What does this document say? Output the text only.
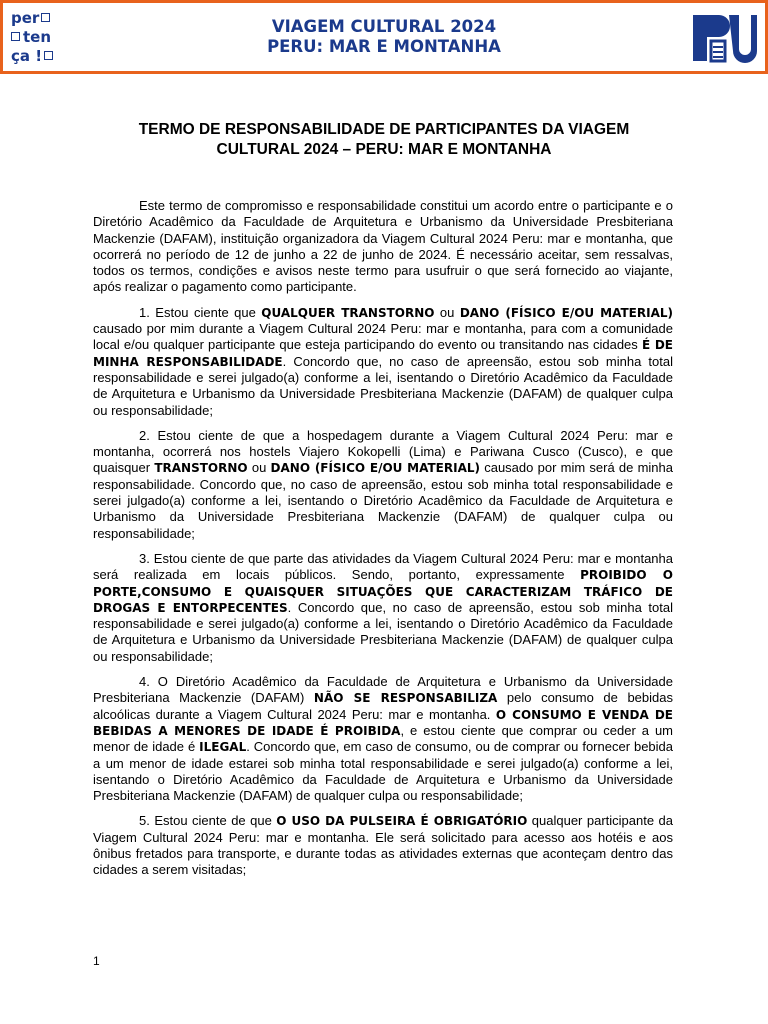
per
ten
ça !
VIAGEM CULTURAL 2024
PERU: MAR E MONTANHA
TERMO DE RESPONSABILIDADE DE PARTICIPANTES DA VIAGEM
CULTURAL 2024 – PERU: MAR E MONTANHA

Este termo de compromisso e responsabilidade constitui um acordo entre o participante e o Diretório Acadêmico da Faculdade de Arquitetura e Urbanismo da Universidade Presbiteriana Mackenzie (DAFAM), instituição organizadora da Viagem Cultural 2024 Peru: mar e montanha, que ocorrerá no período de 12 de junho a 22 de junho de 2024. É necessário aceitar, sem ressalvas, todos os termos, condições e avisos neste termo para usufruir o que será fornecido ao viajante, após realizar o pagamento como participante.

1. Estou ciente que QUALQUER TRANSTORNO ou DANO (FÍSICO E/OU MATERIAL) causado por mim durante a Viagem Cultural 2024 Peru: mar e montanha, para com a comunidade local e/ou qualquer participante que esteja participando do evento ou transitando nas cidades É DE MINHA RESPONSABILIDADE. Concordo que, no caso de apreensão, estou sob minha total responsabilidade e serei julgado(a) conforme a lei, isentando o Diretório Acadêmico da Faculdade de Arquitetura e Urbanismo da Universidade Presbiteriana Mackenzie (DAFAM) de qualquer culpa ou responsabilidade;

2. Estou ciente de que a hospedagem durante a Viagem Cultural 2024 Peru: mar e montanha, ocorrerá nos hostels Viajero Kokopelli (Lima) e Pariwana Cusco (Cusco), e que quaisquer TRANSTORNO ou DANO (FÍSICO E/OU MATERIAL) causado por mim será de minha responsabilidade. Concordo que, no caso de apreensão, estou sob minha total responsabilidade e serei julgado(a) conforme a lei, isentando o Diretório Acadêmico da Faculdade de Arquitetura e Urbanismo da Universidade Presbiteriana Mackenzie (DAFAM) de qualquer culpa ou responsabilidade;

3. Estou ciente de que parte das atividades da Viagem Cultural 2024 Peru: mar e montanha será realizada em locais públicos. Sendo, portanto, expressamente PROIBIDO O PORTE,CONSUMO E QUAISQUER SITUAÇÕES QUE CARACTERIZAM TRÁFICO DE DROGAS E ENTORPECENTES. Concordo que, no caso de apreensão, estou sob minha total responsabilidade e serei julgado(a) conforme a lei, isentando o Diretório Acadêmico da Faculdade de Arquitetura e Urbanismo da Universidade Presbiteriana Mackenzie (DAFAM) de qualquer culpa ou responsabilidade;

4. O Diretório Acadêmico da Faculdade de Arquitetura e Urbanismo da Universidade Presbiteriana Mackenzie (DAFAM) NÃO SE RESPONSABILIZA pelo consumo de bebidas alcoólicas durante a Viagem Cultural 2024 Peru: mar e montanha. O CONSUMO E VENDA DE BEBIDAS A MENORES DE IDADE É PROIBIDA, e estou ciente que comprar ou ceder a um menor de idade é ILEGAL. Concordo que, em caso de consumo, ou de comprar ou fornecer bebida a um menor de idade estarei sob minha total responsabilidade e serei julgado(a) conforme a lei, isentando o Diretório Acadêmico da Faculdade de Arquitetura e Urbanismo da Universidade Presbiteriana Mackenzie (DAFAM) de qualquer culpa ou responsabilidade;

5. Estou ciente de que O USO DA PULSEIRA É OBRIGATÓRIO qualquer participante da Viagem Cultural 2024 Peru: mar e montanha. Ele será solicitado para acesso aos hotéis e aos ônibus fretados para transporte, e durante todas as atividades externas que aconteçam dentro das cidades a serem visitadas;

1
